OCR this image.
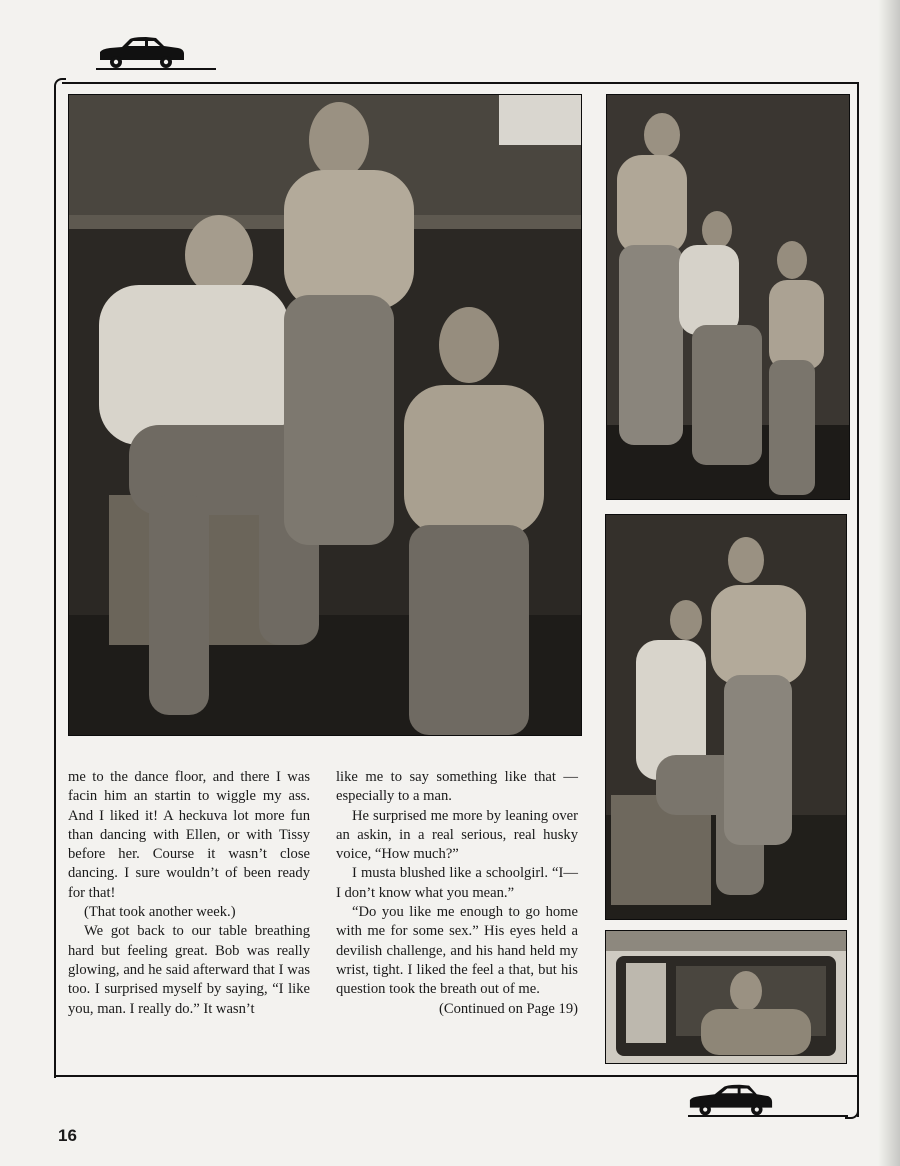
me to the dance floor, and there I was facin him an startin to wiggle my ass. And I liked it! A heckuva lot more fun than dancing with Ellen, or with Tissy before her. Course it wasn’t close dancing. I sure wouldn’t of been ready for that!

(That took another week.)

We got back to our table breathing hard but feeling great. Bob was really glowing, and he said afterward that I was too. I surprised myself by saying, “I like you, man. I really do.” It wasn’t

like me to say something like that —especially to a man.

He surprised me more by leaning over an askin, in a real serious, real husky voice, “How much?”

I musta blushed like a schoolgirl. “I—I don’t know what you mean.”

“Do you like me enough to go home with me for some sex.” His eyes held a devilish challenge, and his hand held my wrist, tight. I liked the feel a that, but his question took the breath out of me.

(Continued on Page 19)

16
